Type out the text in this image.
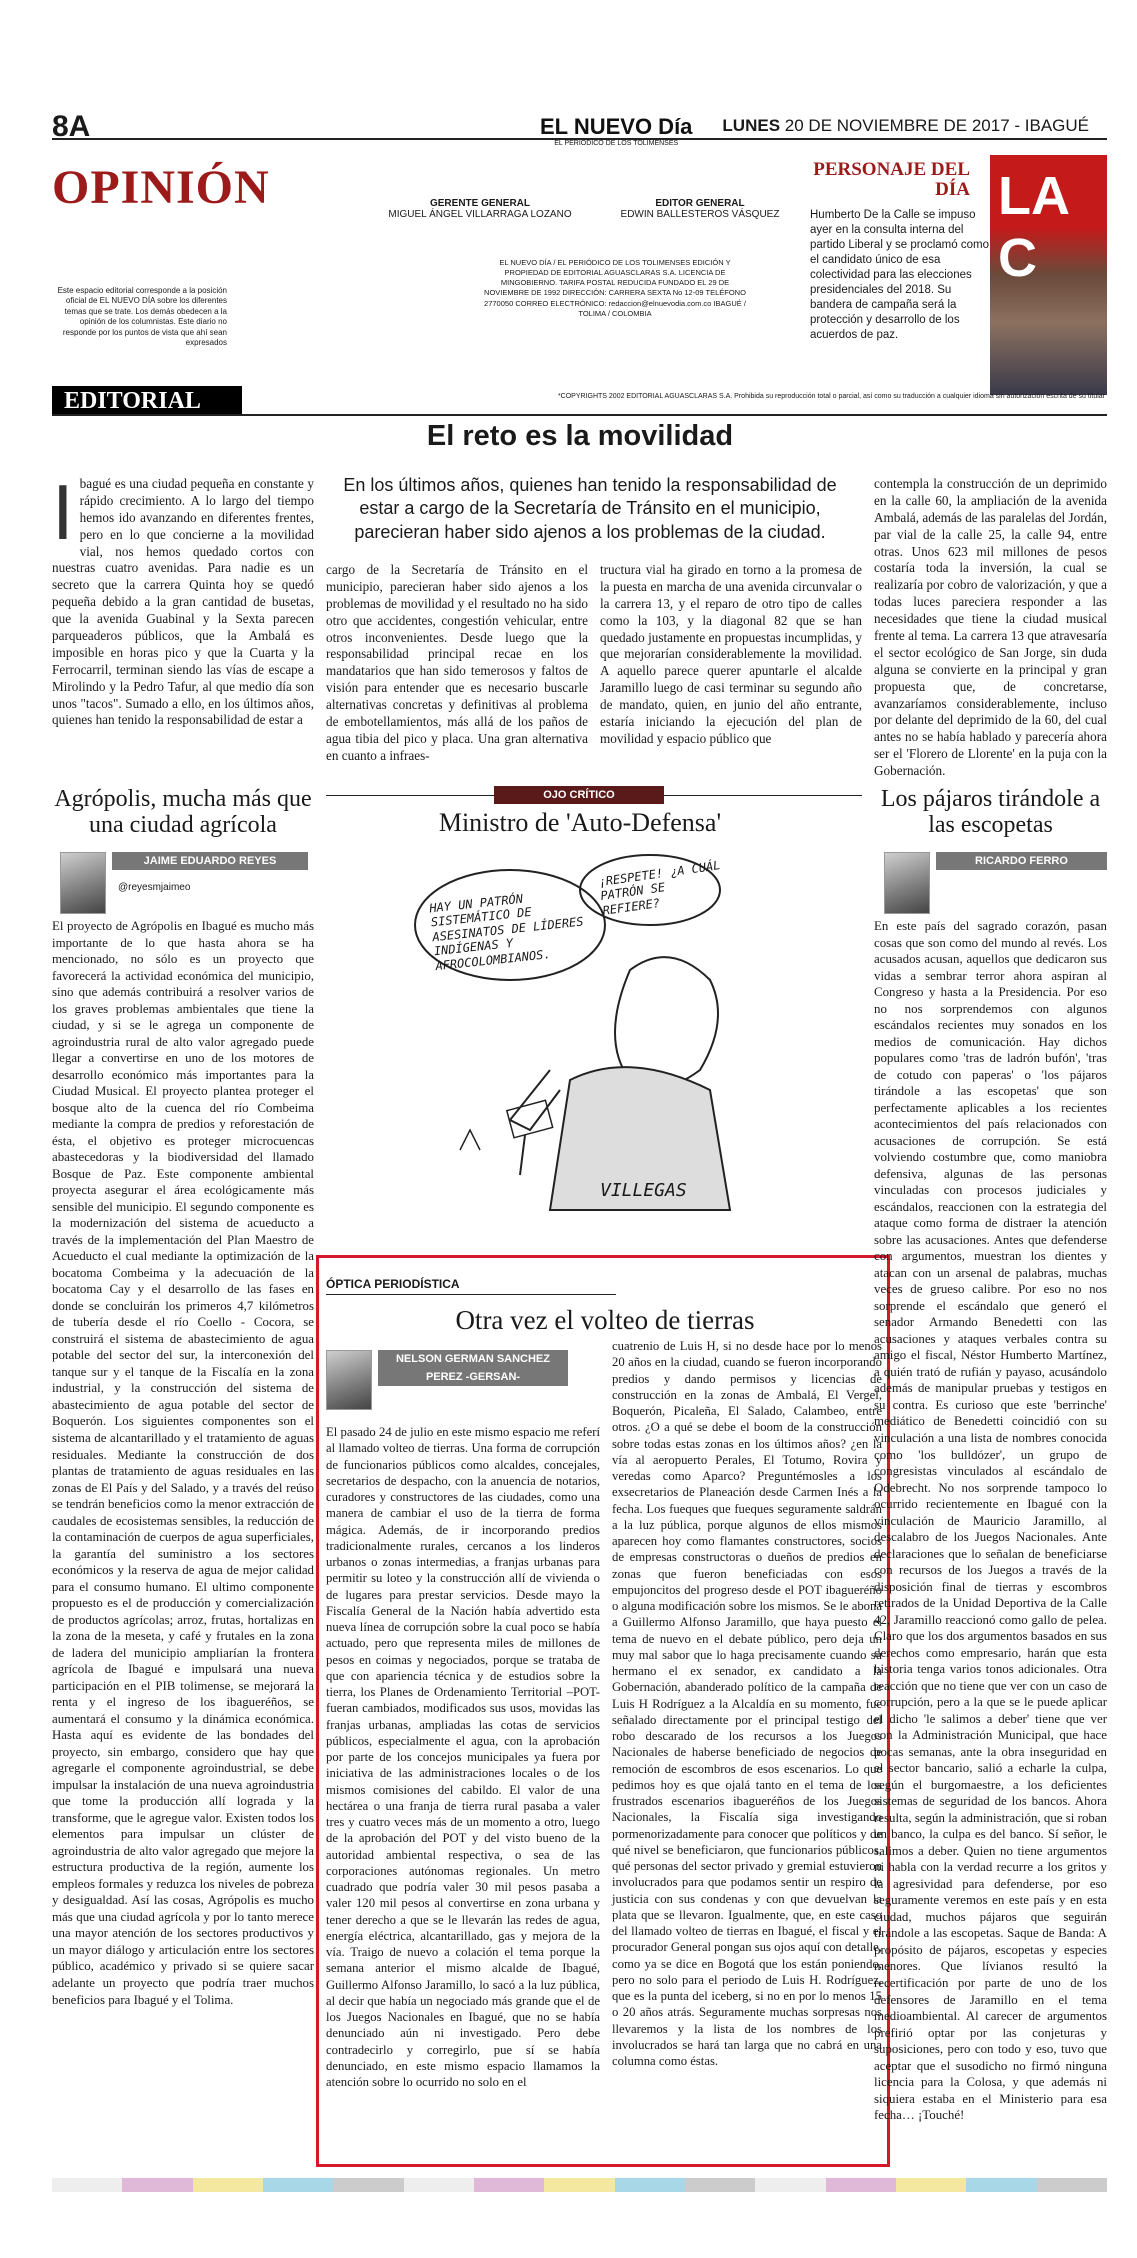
8A	EL NUEVO Día
EL PERIÓDICO DE LOS TOLIMENSES
LUNES 20 DE NOVIEMBRE DE 2017 - IBAGUÉ
OPINIÓN	GERENTE GENERAL
MIGUEL ÁNGEL VILLARRAGA LOZANO
EDITOR GENERAL
EDWIN BALLESTEROS VÁSQUEZ
EL NUEVO DÍA / EL PERIÓDICO DE LOS TOLIMENSES EDICIÓN Y PROPIEDAD DE EDITORIAL AGUASCLARAS S.A. LICENCIA DE MINGOBIERNO. TARIFA POSTAL REDUCIDA FUNDADO EL 29 DE NOVIEMBRE DE 1992 DIRECCIÓN: CARRERA SEXTA No 12-09 TELÉFONO 2770050 CORREO ELECTRÓNICO: redaccion@elnuevodia.com.co IBAGUÉ / TOLIMA / COLOMBIA
Este espacio editorial corresponde a la posición oficial de EL NUEVO DÍA sobre los diferentes temas que se trate. Los demás obedecen a la opinión de los columnistas. Este diario no responde por los puntos de vista que ahí sean expresados
PERSONAJE DEL DÍA
Humberto De la Calle se impuso ayer en la consulta interna del partido Liberal y se proclamó como el candidato único de esa colectividad para las elecciones presidenciales del 2018. Su bandera de campaña será la protección y desarrollo de los acuerdos de paz.
LA C
*COPYRIGHTS 2002 EDITORIAL AGUASCLARAS S.A. Prohibida su reproducción total o parcial, así como su traducción a cualquier idioma sin autorización escrita de su titular
EDITORIAL
El reto es la movilidad
En los últimos años, quienes han tenido la responsabilidad de estar a cargo de la Secretaría de Tránsito en el municipio, parecieran haber sido ajenos a los problemas de la ciudad.
I bagué es una ciudad pequeña en constante y rápido crecimiento. A lo largo del tiempo hemos ido avanzando en diferentes frentes, pero en lo que concierne a la movilidad vial, nos hemos quedado cortos con nuestras cuatro avenidas. Para nadie es un secreto que la carrera Quinta hoy se quedó pequeña debido a la gran cantidad de busetas, que la avenida Guabinal y la Sexta parecen parqueaderos públicos, que la Ambalá es imposible en horas pico y que la Cuarta y la Ferrocarril, terminan siendo las vías de escape a Mirolindo y la Pedro Tafur, al que medio día son unos "tacos". Sumado a ello, en los últimos años, quienes han tenido la responsabilidad de estar a
cargo de la Secretaría de Tránsito en el municipio, parecieran haber sido ajenos a los problemas de movilidad y el resultado no ha sido otro que accidentes, congestión vehicular, entre otros inconvenientes. Desde luego que la responsabilidad principal recae en los mandatarios que han sido temerosos y faltos de visión para entender que es necesario buscarle alternativas concretas y definitivas al problema de embotellamientos, más allá de los paños de agua tibia del pico y placa. Una gran alternativa en cuanto a infraes-
tructura vial ha girado en torno a la promesa de la puesta en marcha de una avenida circunvalar o la carrera 13, y el reparo de otro tipo de calles como la 103, y la diagonal 82 que se han quedado justamente en propuestas incumplidas, y que mejorarían considerablemente la movilidad. A aquello parece querer apuntarle el alcalde Jaramillo luego de casi terminar su segundo año de mandato, quien, en junio del año entrante, estaría iniciando la ejecución del plan de movilidad y espacio público que
contempla la construcción de un deprimido en la calle 60, la ampliación de la avenida Ambalá, además de las paralelas del Jordán, par vial de la calle 25, la calle 94, entre otras. Unos 623 mil millones de pesos costaría toda la inversión, la cual se realizaría por cobro de valorización, y que a todas luces pareciera responder a las necesidades que tiene la ciudad musical frente al tema. La carrera 13 que atravesaría el sector ecológico de San Jorge, sin duda alguna se convierte en la principal y gran propuesta que, de concretarse, avanzaríamos considerablemente, incluso por delante del deprimido de la 60, del cual antes no se había hablado y parecería ahora ser el 'Florero de Llorente' en la puja con la Gobernación.
Agrópolis, mucha más que una ciudad agrícola
JAIME EDUARDO REYES
@reyesmjaimeo
El proyecto de Agrópolis en Ibagué es mucho más importante de lo que hasta ahora se ha mencionado, no sólo es un proyecto que favorecerá la actividad económica del municipio, sino que además contribuirá a resolver varios de los graves problemas ambientales que tiene la ciudad, y si se le agrega un componente de agroindustria rural de alto valor agregado puede llegar a convertirse en uno de los motores de desarrollo económico más importantes para la Ciudad Musical. El proyecto plantea proteger el bosque alto de la cuenca del río Combeima mediante la compra de predios y reforestación de ésta, el objetivo es proteger microcuencas abastecedoras y la biodiversidad del llamado Bosque de Paz. Este componente ambiental proyecta asegurar el área ecológicamente más sensible del municipio. El segundo componente es la modernización del sistema de acueducto a través de la implementación del Plan Maestro de Acueducto el cual mediante la optimización de la bocatoma Combeima y la adecuación de la bocatoma Cay y el desarrollo de las fases en donde se concluirán los primeros 4,7 kilómetros de tubería desde el río Coello - Cocora, se construirá el sistema de abastecimiento de agua potable del sector del sur, la interconexión del tanque sur y el tanque de la Fiscalía en la zona industrial, y la construcción del sistema de abastecimiento de agua potable del sector de Boquerón. Los siguientes componentes son el sistema de alcantarillado y el tratamiento de aguas residuales. Mediante la construcción de dos plantas de tratamiento de aguas residuales en las zonas de El País y del Salado, y a través del reúso se tendrán beneficios como la menor extracción de caudales de ecosistemas sensibles, la reducción de la contaminación de cuerpos de agua superficiales, la garantía del suministro a los sectores económicos y la reserva de agua de mejor calidad para el consumo humano. El ultimo componente propuesto es el de producción y comercialización de productos agrícolas; arroz, frutas, hortalizas en la zona de la meseta, y café y frutales en la zona de ladera del municipio ampliarían la frontera agrícola de Ibagué e impulsará una nueva participación en el PIB tolimense, se mejorará la renta y el ingreso de los ibagueréños, se aumentará el consumo y la dinámica económica. Hasta aquí es evidente de las bondades del proyecto, sin embargo, considero que hay que agregarle el componente agroindustrial, se debe impulsar la instalación de una nueva agroindustria que tome la producción allí lograda y la transforme, que le agregue valor. Existen todos los elementos para impulsar un clúster de agroindustria de alto valor agregado que mejore la estructura productiva de la región, aumente los empleos formales y reduzca los niveles de pobreza y desigualdad. Así las cosas, Agrópolis es mucho más que una ciudad agrícola y por lo tanto merece una mayor atención de los sectores productivos y un mayor diálogo y articulación entre los sectores público, académico y privado si se quiere sacar adelante un proyecto que podría traer muchos beneficios para Ibagué y el Tolima.
OJO CRÍTICO
Ministro de 'Auto-Defensa'
HAY UN PATRÓN SISTEMÁTICO DE ASESINATOS DE LÍDERES INDÍGENAS Y AFROCOLOMBIANOS.
¡RESPETE! ¿A CUÁL PATRÓN SE REFIERE?
VILLEGAS
ÓPTICA PERIODÍSTICA
Otra vez el volteo de tierras
NELSON GERMAN SANCHEZ PEREZ -GERSAN-
El pasado 24 de julio en este mismo espacio me referí al llamado volteo de tierras. Una forma de corrupción de funcionarios públicos como alcaldes, concejales, secretarios de despacho, con la anuencia de notarios, curadores y constructores de las ciudades, como una manera de cambiar el uso de la tierra de forma mágica. Además, de ir incorporando predios tradicionalmente rurales, cercanos a los linderos urbanos o zonas intermedias, a franjas urbanas para permitir su loteo y la construcción allí de vivienda o de lugares para prestar servicios. Desde mayo la Fiscalía General de la Nación había advertido esta nueva línea de corrupción sobre la cual poco se había actuado, pero que representa miles de millones de pesos en coimas y negociados, porque se trataba de que con apariencia técnica y de estudios sobre la tierra, los Planes de Ordenamiento Territorial –POT- fueran cambiados, modificados sus usos, movidas las franjas urbanas, ampliadas las cotas de servicios públicos, especialmente el agua, con la aprobación por parte de los concejos municipales ya fuera por iniciativa de las administraciones locales o de los mismos comisiones del cabildo. El valor de una hectárea o una franja de tierra rural pasaba a valer tres y cuatro veces más de un momento a otro, luego de la aprobación del POT y del visto bueno de la autoridad ambiental respectiva, o sea de las corporaciones autónomas regionales. Un metro cuadrado que podría valer 30 mil pesos pasaba a valer 120 mil pesos al convertirse en zona urbana y tener derecho a que se le llevarán las redes de agua, energía eléctrica, alcantarillado, gas y mejora de la vía. Traigo de nuevo a colación el tema porque la semana anterior el mismo alcalde de Ibagué, Guillermo Alfonso Jaramillo, lo sacó a la luz pública, al decir que había un negociado más grande que el de los Juegos Nacionales en Ibagué, que no se había denunciado aún ni investigado. Pero debe contradecirlo y corregirlo, pue sí se había denunciado, en este mismo espacio llamamos la atención sobre lo ocurrido no solo en el
cuatrenio de Luis H, si no desde hace por lo menos 20 años en la ciudad, cuando se fueron incorporando predios y dando permisos y licencias de construcción en la zonas de Ambalá, El Vergel, Boquerón, Picaleña, El Salado, Calambeo, entre otros. ¿O a qué se debe el boom de la construcción sobre todas estas zonas en los últimos años? ¿en la vía al aeropuerto Perales, El Totumo, Rovira y veredas como Aparco? Preguntémosles a los exsecretarios de Planeación desde Carmen Inés a la fecha. Los fueques que fueques seguramente saldrán a la luz pública, porque algunos de ellos mismos aparecen hoy como flamantes constructores, socios de empresas constructoras o dueños de predios en zonas que fueron beneficiadas con esos empujoncitos del progreso desde el POT ibagueréño o alguna modificación sobre los mismos. Se le abona a Guillermo Alfonso Jaramillo, que haya puesto el tema de nuevo en el debate público, pero deja un muy mal sabor que lo haga precisamente cuando su hermano el ex senador, ex candidato a la Gobernación, abanderado político de la campaña de Luis H Rodríguez a la Alcaldía en su momento, fue señalado directamente por el principal testigo del robo descarado de los recursos a los Juegos Nacionales de haberse beneficiado de negocios de remoción de escombros de esos escenarios. Lo que pedimos hoy es que ojalá tanto en el tema de los frustrados escenarios ibagueréños de los Juegos Nacionales, la Fiscalía siga investigando pormenorizadamente para conocer que políticos y de qué nivel se beneficiaron, que funcionarios públicos, qué personas del sector privado y gremial estuvieron involucrados para que podamos sentir un respiro de justicia con sus condenas y con que devuelvan la plata que se llevaron. Igualmente, que, en este caso del llamado volteo de tierras en Ibagué, el fiscal y el procurador General pongan sus ojos aquí con detalle, como ya se dice en Bogotá que los están poniendo, pero no solo para el periodo de Luis H. Rodríguez, que es la punta del iceberg, si no en por lo menos 15 o 20 años atrás. Seguramente muchas sorpresas nos llevaremos y la lista de los nombres de los involucrados se hará tan larga que no cabrá en una columna como éstas.
Los pájaros tirándole a las escopetas
RICARDO FERRO
En este país del sagrado corazón, pasan cosas que son como del mundo al revés. Los acusados acusan, aquellos que dedicaron sus vidas a sembrar terror ahora aspiran al Congreso y hasta a la Presidencia. Por eso no nos sorprendemos con algunos escándalos recientes muy sonados en los medios de comunicación. Hay dichos populares como 'tras de ladrón bufón', 'tras de cotudo con paperas' o 'los pájaros tirándole a las escopetas' que son perfectamente aplicables a los recientes acontecimientos del país relacionados con acusaciones de corrupción. Se está volviendo costumbre que, como maniobra defensiva, algunas de las personas vinculadas con procesos judiciales y escándalos, reaccionen con la estrategia del ataque como forma de distraer la atención sobre las acusaciones. Antes que defenderse con argumentos, muestran los dientes y atacan con un arsenal de palabras, muchas veces de grueso calibre. Por eso no nos sorprende el escándalo que generó el senador Armando Benedetti con las acusaciones y ataques verbales contra su amigo el fiscal, Néstor Humberto Martínez, a quién trató de rufián y payaso, acusándolo además de manipular pruebas y testigos en su contra. Es curioso que este 'berrinche' mediático de Benedetti coincidió con su vinculación a una lista de nombres conocida como 'los bulldózer', un grupo de congresistas vinculados al escándalo de Odebrecht. No nos sorprende tampoco lo ocurrido recientemente en Ibagué con la vinculación de Mauricio Jaramillo, al descalabro de los Juegos Nacionales. Ante declaraciones que lo señalan de beneficiarse con recursos de los Juegos a través de la disposición final de tierras y escombros retirados de la Unidad Deportiva de la Calle 42, Jaramillo reaccionó como gallo de pelea. Claro que los dos argumentos basados en sus derechos como empresario, harán que esta historia tenga varios tonos adicionales. Otra reacción que no tiene que ver con un caso de corrupción, pero a la que se le puede aplicar el dicho 'le salimos a deber' tiene que ver con la Administración Municipal, que hace pocas semanas, ante la obra inseguridad en el sector bancario, salió a echarle la culpa, según el burgomaestre, a los deficientes sistemas de seguridad de los bancos. Ahora resulta, según la administración, que si roban un banco, la culpa es del banco. Sí señor, le salimos a deber. Quien no tiene argumentos ni habla con la verdad recurre a los gritos y la agresividad para defenderse, por eso seguramente veremos en este país y en esta ciudad, muchos pájaros que seguirán tirándole a las escopetas. Saque de Banda: A propósito de pájaros, escopetas y especies menores. Que lívianos resultó la recertificación por parte de uno de los defensores de Jaramillo en el tema medioambiental. Al carecer de argumentos prefirió optar por las conjeturas y suposiciones, pero con todo y eso, tuvo que aceptar que el susodicho no firmó ninguna licencia para la Colosa, y que además ni siquiera estaba en el Ministerio para esa fecha… ¡Touché!
